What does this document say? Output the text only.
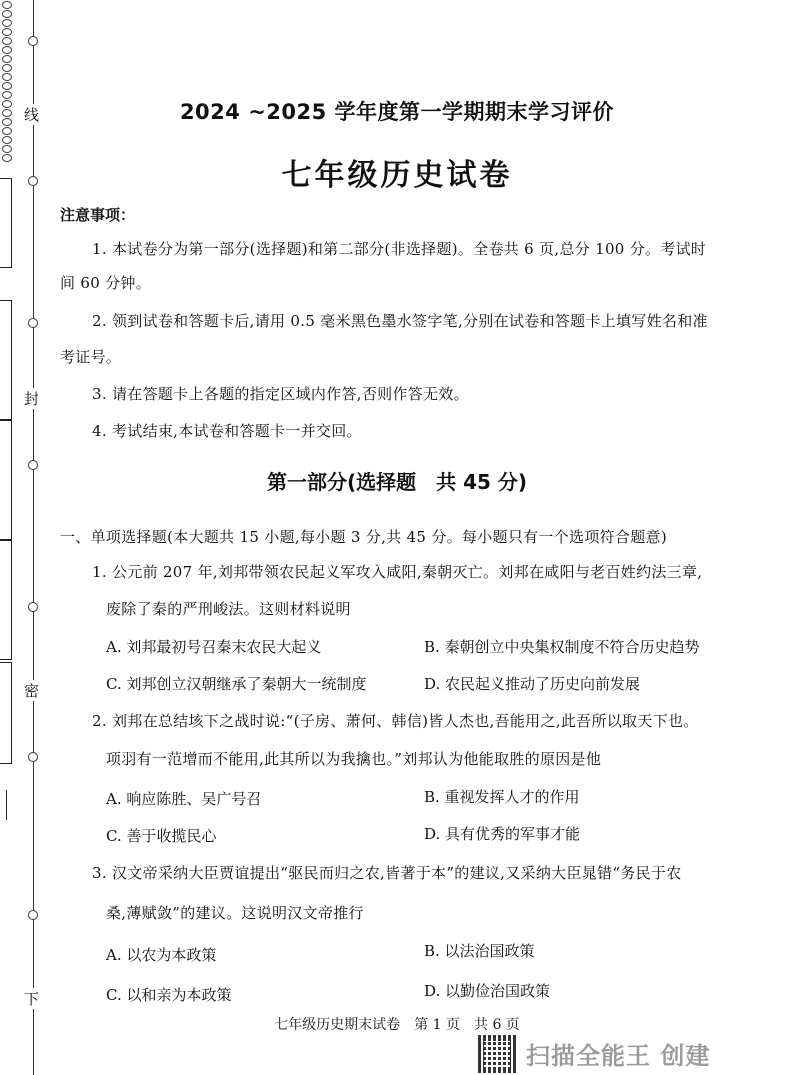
线
封
密
下
2024 ~2025 学年度第一学期期末学习评价
七年级历史试卷
注意事项：
1. 本试卷分为第一部分(选择题)和第二部分(非选择题)。全卷共 6 页,总分 100 分。考试时
间 60 分钟。
2. 领到试卷和答题卡后,请用 0.5 毫米黑色墨水签字笔,分别在试卷和答题卡上填写姓名和准
考证号。
3. 请在答题卡上各题的指定区域内作答,否则作答无效。
4. 考试结束,本试卷和答题卡一并交回。
第一部分(选择题　共 45 分)
一、单项选择题(本大题共 15 小题,每小题 3 分,共 45 分。每小题只有一个选项符合题意)
1. 公元前 207 年,刘邦带领农民起义军攻入咸阳,秦朝灭亡。刘邦在咸阳与老百姓约法三章,
废除了秦的严刑峻法。这则材料说明
A. 刘邦最初号召秦末农民大起义	B. 秦朝创立中央集权制度不符合历史趋势
C. 刘邦创立汉朝继承了秦朝大一统制度	D. 农民起义推动了历史向前发展
2. 刘邦在总结垓下之战时说:“(子房、萧何、韩信)皆人杰也,吾能用之,此吾所以取天下也。
项羽有一范增而不能用,此其所以为我擒也。”刘邦认为他能取胜的原因是他
A. 响应陈胜、吴广号召	B. 重视发挥人才的作用
C. 善于收揽民心	D. 具有优秀的军事才能
3. 汉文帝采纳大臣贾谊提出“驱民而归之农,皆著于本”的建议,又采纳大臣晁错“务民于农
桑,薄赋敛”的建议。这说明汉文帝推行
A. 以农为本政策	B. 以法治国政策
C. 以和亲为本政策	D. 以勤俭治国政策
七年级历史期末试卷　第 1 页　共 6 页
扫描全能王 创建
